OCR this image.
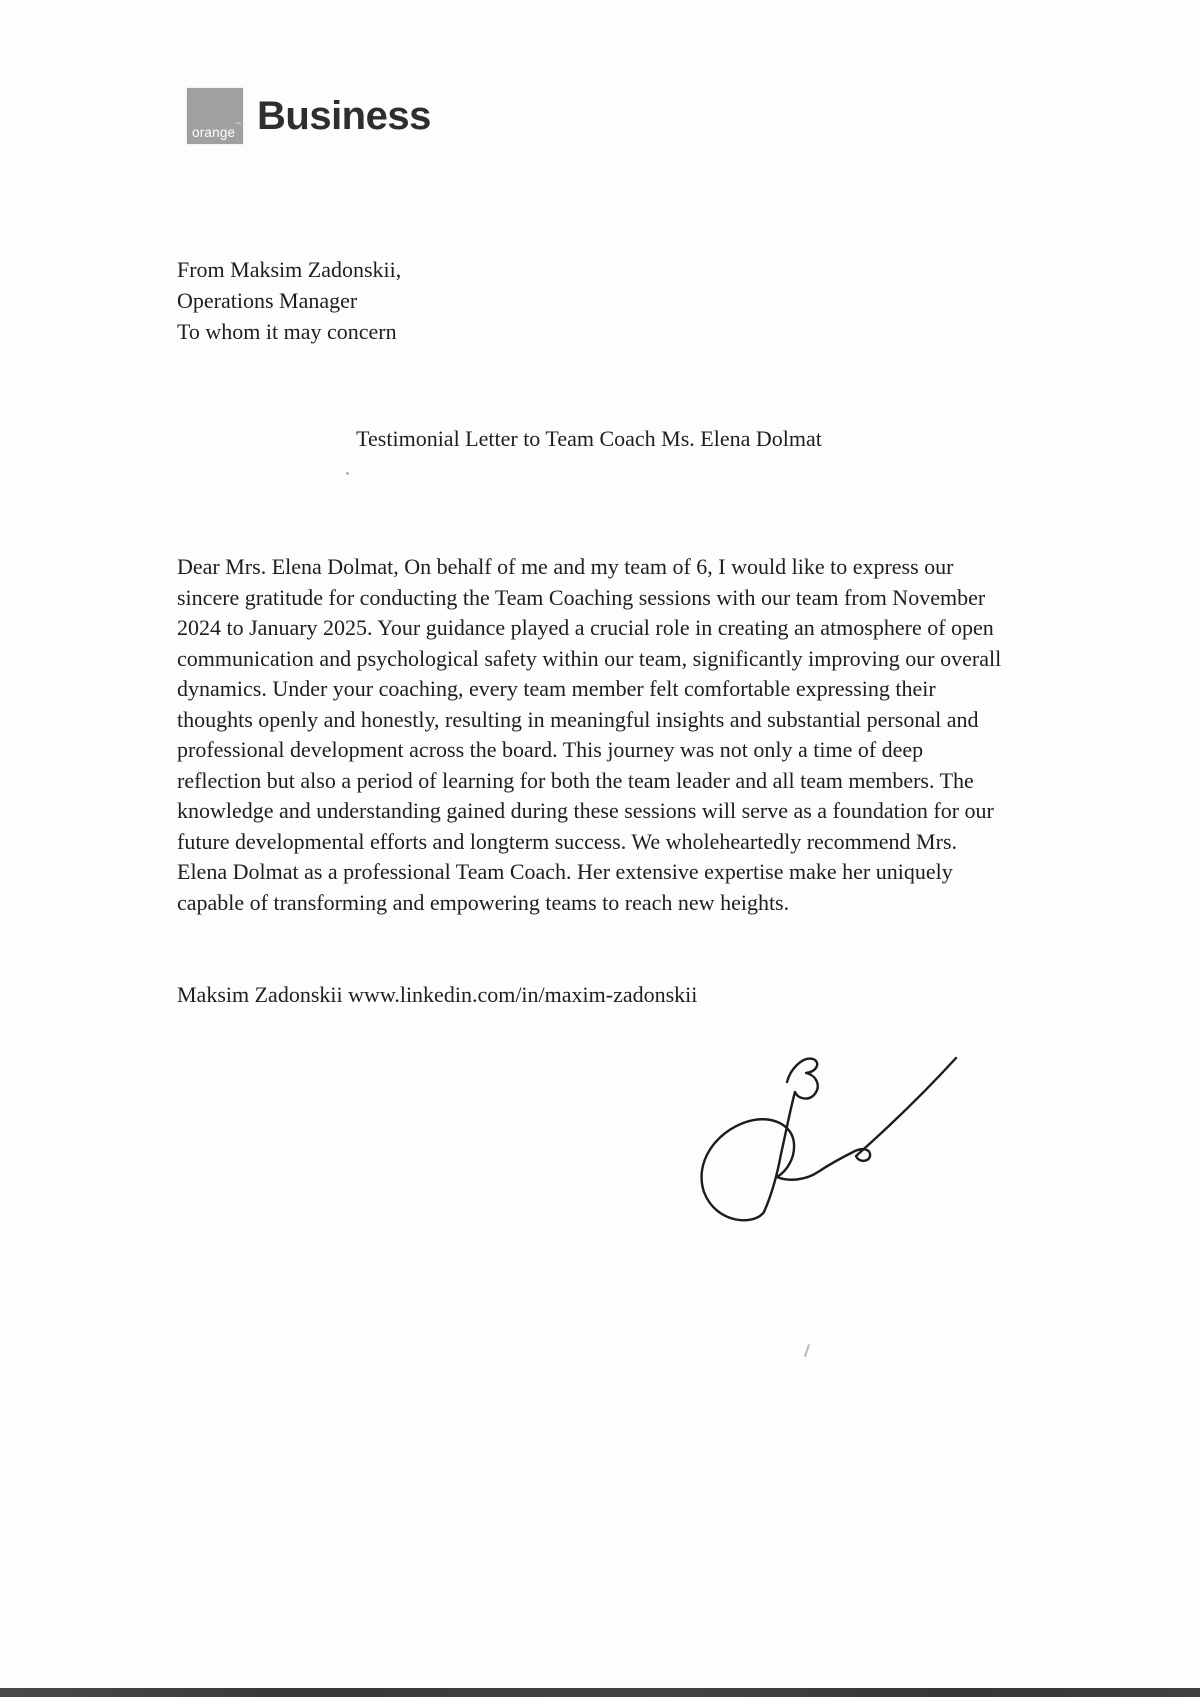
orange ™ Business
From Maksim Zadonskii,
Operations Manager
To whom it may concern
Testimonial Letter to Team Coach Ms. Elena Dolmat
Dear Mrs. Elena Dolmat, On behalf of me and my team of 6, I would like to express our
sincere gratitude for conducting the Team Coaching sessions with our team from November
2024 to January 2025. Your guidance played a crucial role in creating an atmosphere of open
communication and psychological safety within our team, significantly improving our overall
dynamics. Under your coaching, every team member felt comfortable expressing their
thoughts openly and honestly, resulting in meaningful insights and substantial personal and
professional development across the board. This journey was not only a time of deep
reflection but also a period of learning for both the team leader and all team members. The
knowledge and understanding gained during these sessions will serve as a foundation for our
future developmental efforts and longterm success. We wholeheartedly recommend Mrs.
Elena Dolmat as a professional Team Coach. Her extensive expertise make her uniquely
capable of transforming and empowering teams to reach new heights.
Maksim Zadonskii www.linkedin.com/in/maxim-zadonskii
